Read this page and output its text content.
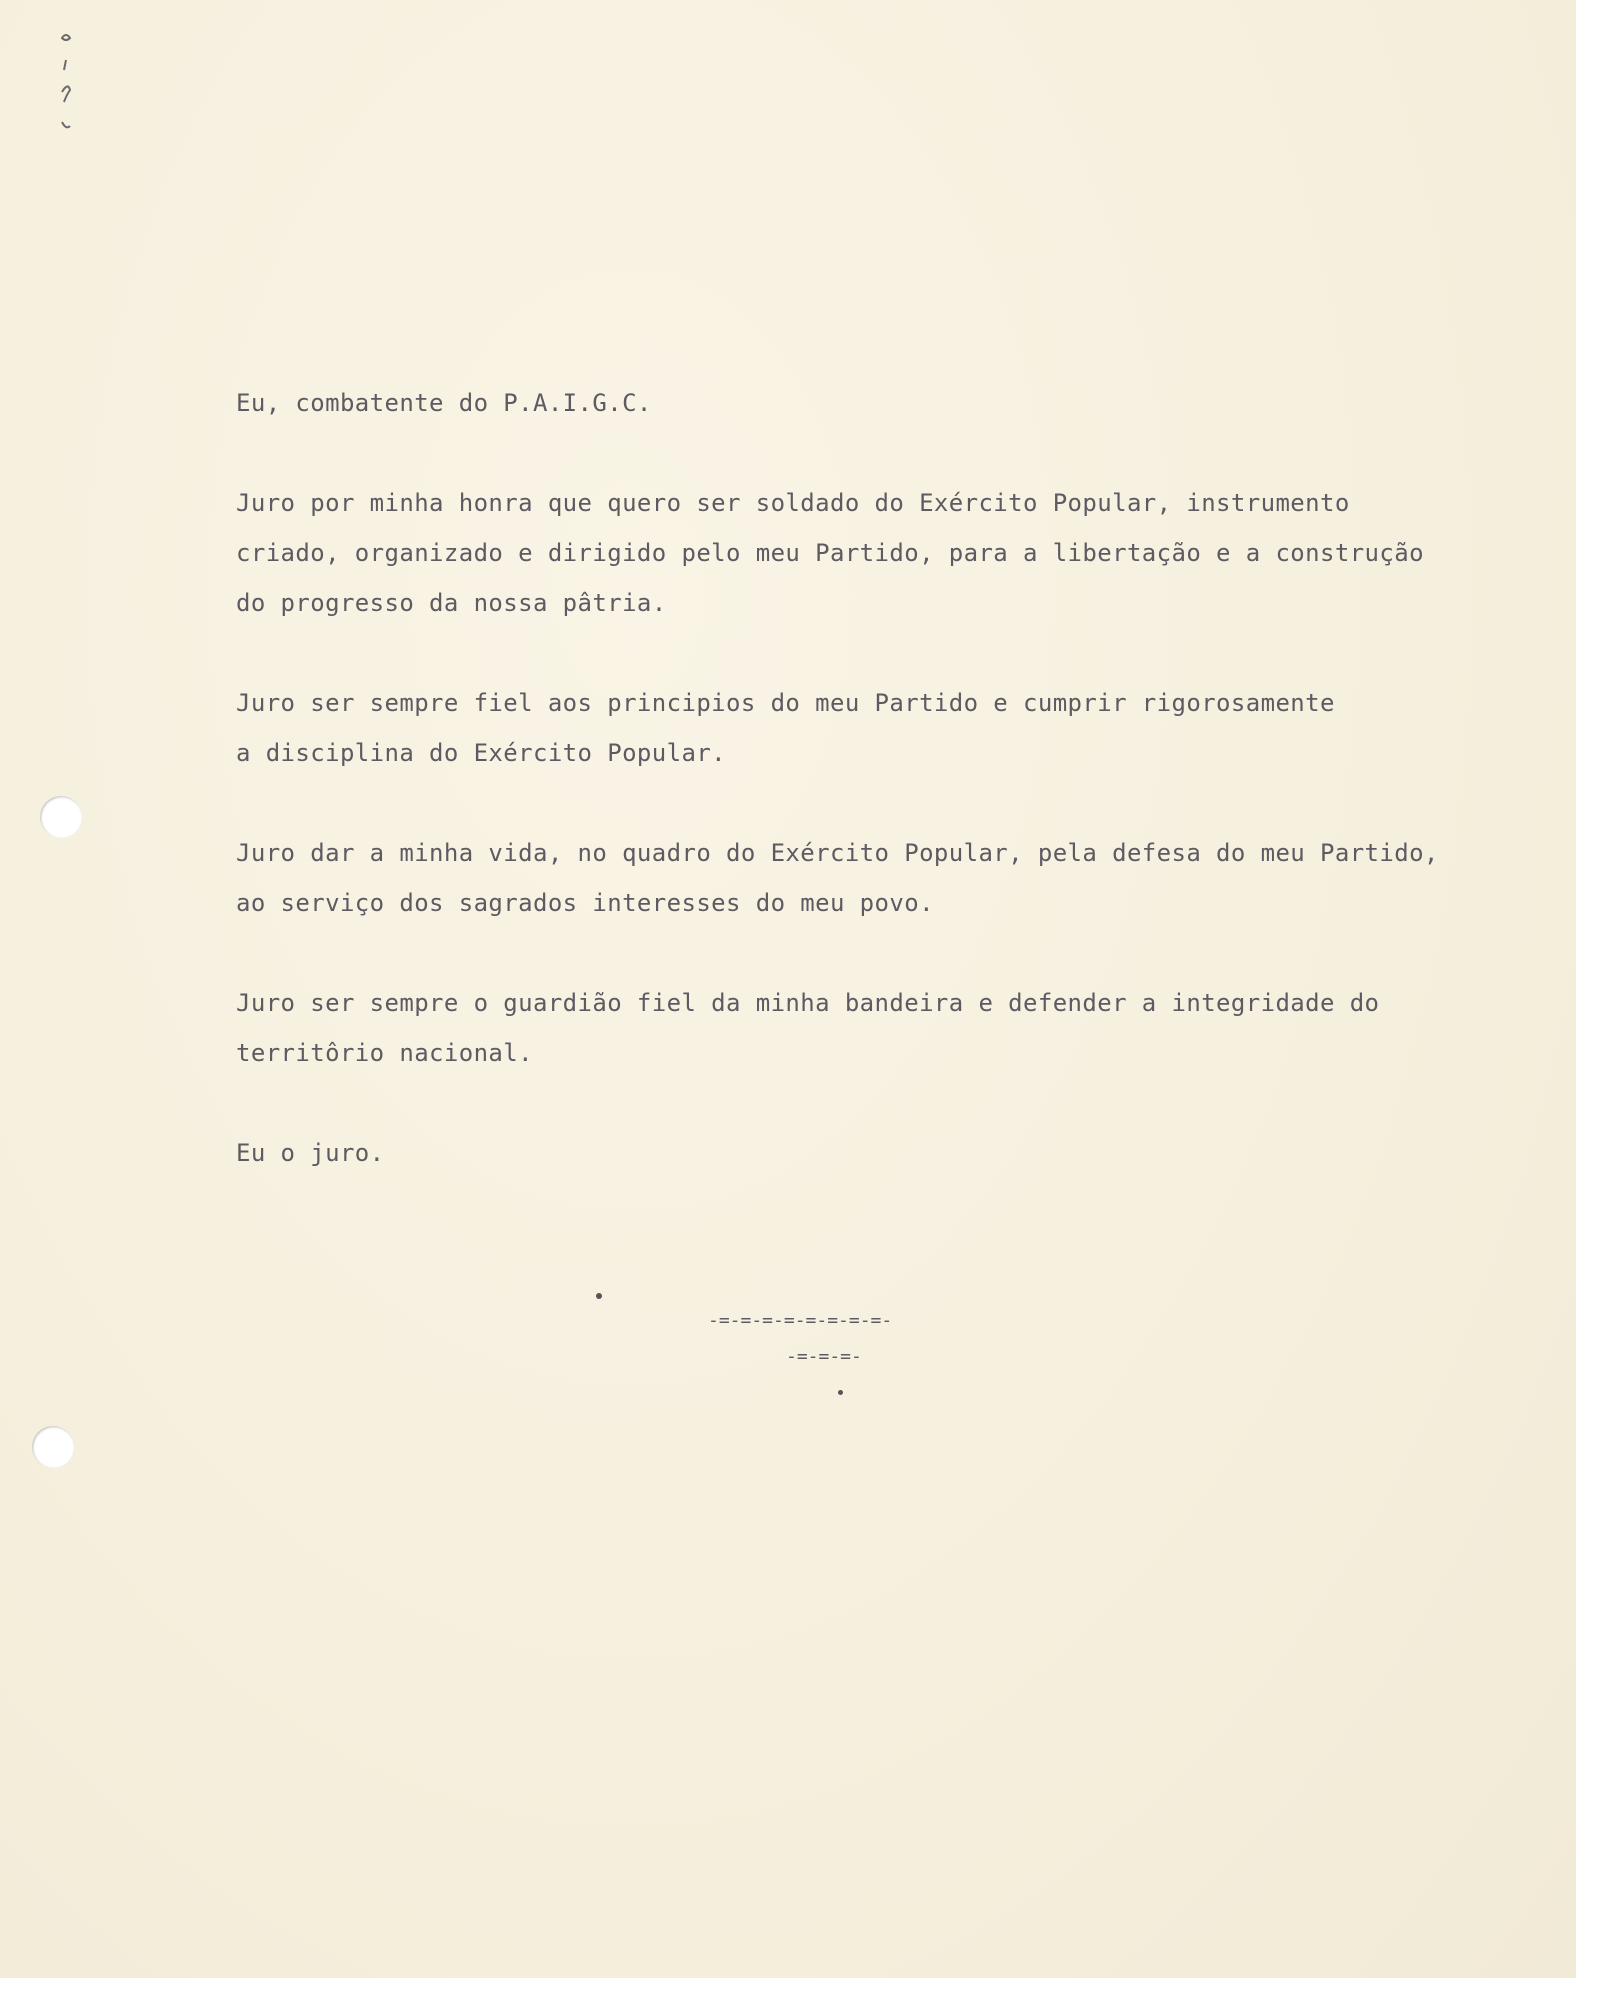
Eu, combatente do P.A.I.G.C.

Juro por minha honra que quero ser soldado do Exército Popular, instrumento
criado, organizado e dirigido pelo meu Partido, para a libertação e a construção
do progresso da nossa pâtria.

Juro ser sempre fiel aos principios do meu Partido e cumprir rigorosamente
a disciplina do Exército Popular.

Juro dar a minha vida, no quadro do Exército Popular, pela defesa do meu Partido,
ao serviço dos sagrados interesses do meu povo.

Juro ser sempre o guardião fiel da minha bandeira e defender a integridade do
territôrio nacional.

Eu o juro.

-=-=-=-=-=-=-=-=-
-=-=-=-
